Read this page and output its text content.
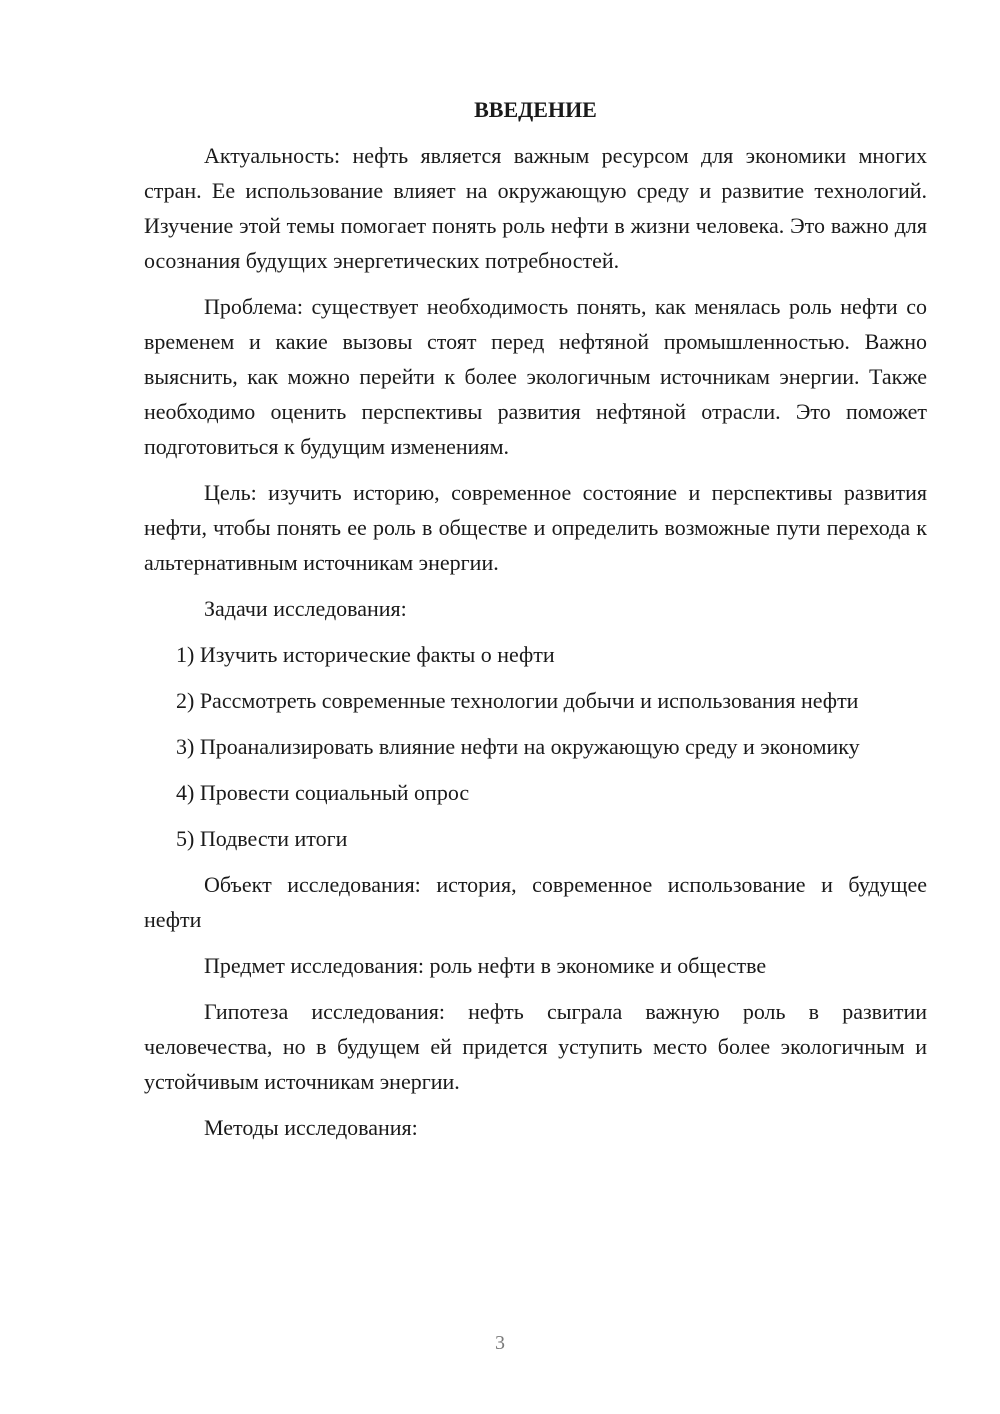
ВВЕДЕНИЕ

Актуальность: нефть является важным ресурсом для экономики многих стран. Ее использование влияет на окружающую среду и развитие технологий. Изучение этой темы помогает понять роль нефти в жизни человека. Это важно для осознания будущих энергетических потребностей.

Проблема: существует необходимость понять, как менялась роль нефти со временем и какие вызовы стоят перед нефтяной промышленностью. Важно выяснить, как можно перейти к более экологичным источникам энергии. Также необходимо оценить перспективы развития нефтяной отрасли. Это поможет подготовиться к будущим изменениям.

Цель: изучить историю, современное состояние и перспективы развития нефти, чтобы понять ее роль в обществе и определить возможные пути перехода к альтернативным источникам энергии.

Задачи исследования:

1) Изучить исторические факты о нефти

2) Рассмотреть современные технологии добычи и использования нефти

3) Проанализировать влияние нефти на окружающую среду и экономику

4) Провести социальный опрос

5) Подвести итоги

Объект исследования: история, современное использование и будущее нефти

Предмет исследования: роль нефти в экономике и обществе

Гипотеза исследования: нефть сыграла важную роль в развитии человечества, но в будущем ей придется уступить место более экологичным и устойчивым источникам энергии.

Методы исследования:

3
